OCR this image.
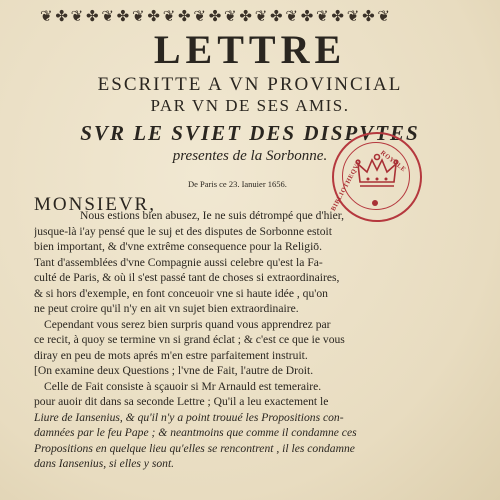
❦ ✤ ❦ ✤ ❦ ✤ ❦ ✤ ❦ ✤ ❦ ✤ ❦ ✤ ❦ ✤ ❦ ✤ ❦ ✤ ❦ ✤ ❦
LETTRE
ESCRITTE A VN PROVINCIAL
PAR VN DE SES AMIS.
SVR LE SVIET DES DISPVTES
presentes de la Sorbonne.
De Paris ce 23. Ianuier 1656.	BIBLIOTHEQVE ROYALE
MONSIEVR,
Nous estions bien abusez, Ie ne suis détrompé que d'hier,
jusque-là i'ay pensé que le suj et des disputes de Sorbonne estoit
bien important, & d'vne extrême consequence pour la Religiō.
Tant d'assemblées d'vne Compagnie aussi celebre qu'est la Fa-
culté de Paris, & où il s'est passé tant de choses si extraordinaires,
& si hors d'exemple, en font conceuoir vne si haute idée , qu'on
ne peut croire qu'il n'y en ait vn sujet bien extraordinaire.
Cependant vous serez bien surpris quand vous apprendrez par
ce recit, à quoy se termine vn si grand éclat ; & c'est ce que ie vous
diray en peu de mots aprés m'en estre parfaitement instruit.
[On examine deux Questions ; l'vne de Fait, l'autre de Droit.
Celle de Fait consiste à sçauoir si Mr Arnauld est temeraire.
pour auoir dit dans sa seconde Lettre ; Qu'il a leu exactement le
Liure de Iansenius, & qu'il n'y a point trouué les Propositions con-
damnées par le feu Pape ; & neantmoins que comme il condamne ces
Propositions en quelque lieu qu'elles se rencontrent , il les condamne
dans Iansenius, si elles y sont.
